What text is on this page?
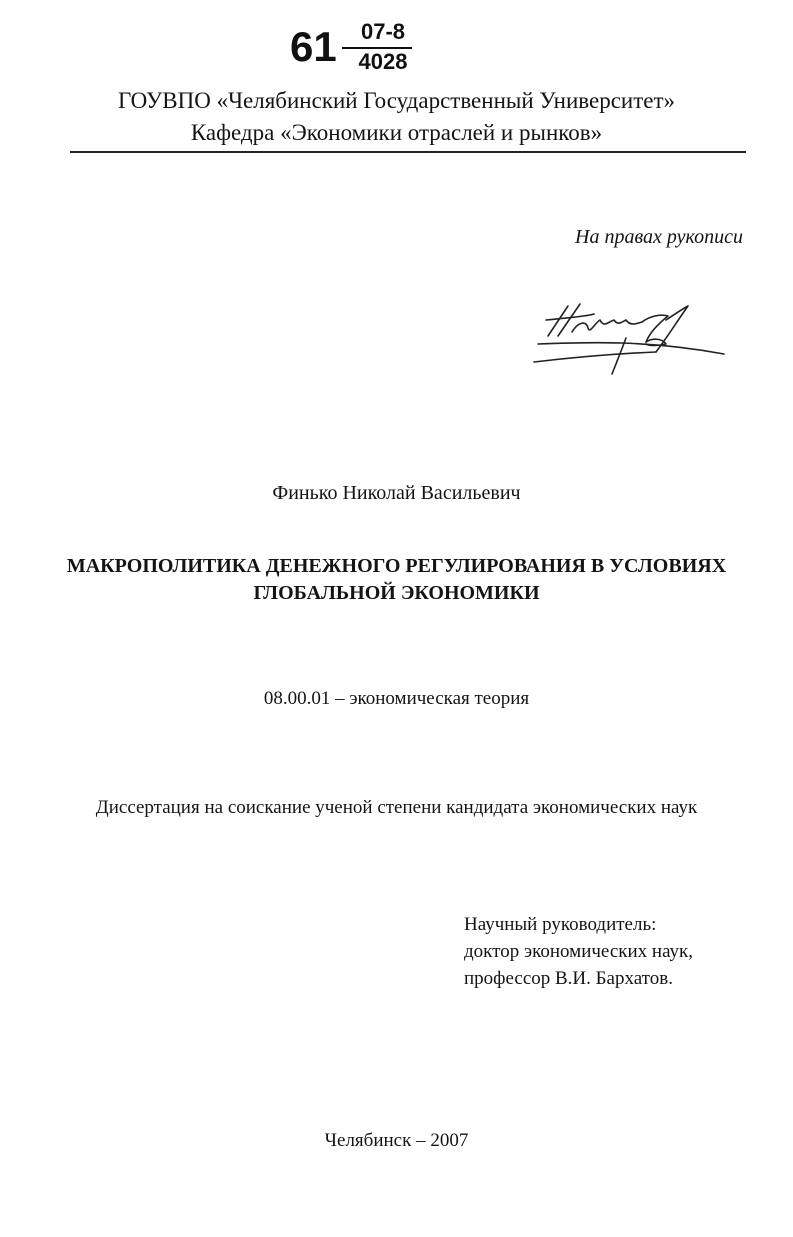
61	07-8
4028
ГОУВПО «Челябинский Государственный Университет»
Кафедра «Экономики отраслей и рынков»
На правах рукописи
Финько Николай Васильевич
МАКРОПОЛИТИКА ДЕНЕЖНОГО РЕГУЛИРОВАНИЯ В УСЛОВИЯХ
ГЛОБАЛЬНОЙ ЭКОНОМИКИ
08.00.01 – экономическая теория
Диссертация на соискание ученой степени кандидата экономических наук
Научный руководитель:
доктор экономических наук,
профессор В.И. Бархатов.
Челябинск – 2007
